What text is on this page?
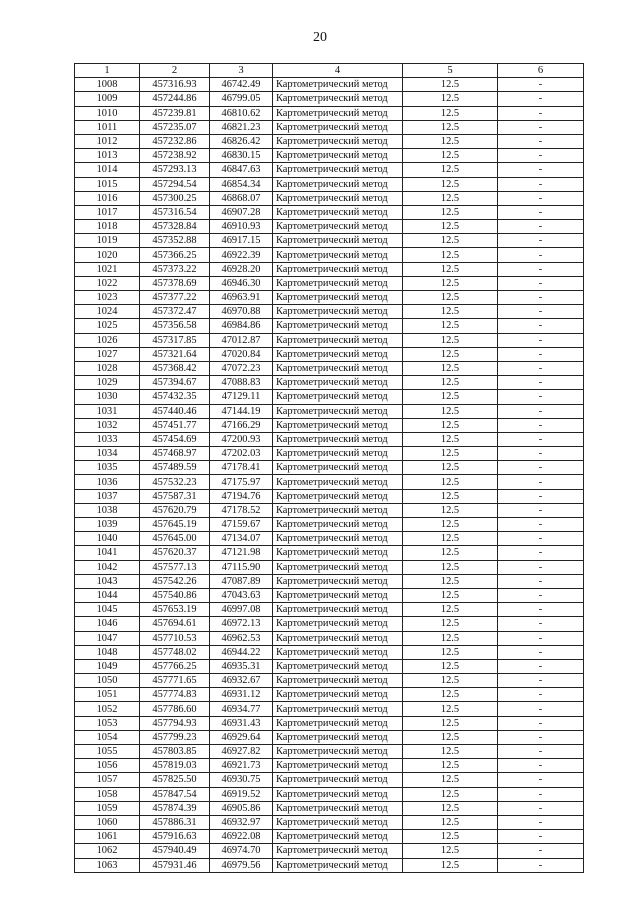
20
1	2	3	4	5	6
1008	457316.93	46742.49	Картометрический метод	12.5	-
1009	457244.86	46799.05	Картометрический метод	12.5	-
1010	457239.81	46810.62	Картометрический метод	12.5	-
1011	457235.07	46821.23	Картометрический метод	12.5	-
1012	457232.86	46826.42	Картометрический метод	12.5	-
1013	457238.92	46830.15	Картометрический метод	12.5	-
1014	457293.13	46847.63	Картометрический метод	12.5	-
1015	457294.54	46854.34	Картометрический метод	12.5	-
1016	457300.25	46868.07	Картометрический метод	12.5	-
1017	457316.54	46907.28	Картометрический метод	12.5	-
1018	457328.84	46910.93	Картометрический метод	12.5	-
1019	457352.88	46917.15	Картометрический метод	12.5	-
1020	457366.25	46922.39	Картометрический метод	12.5	-
1021	457373.22	46928.20	Картометрический метод	12.5	-
1022	457378.69	46946.30	Картометрический метод	12.5	-
1023	457377.22	46963.91	Картометрический метод	12.5	-
1024	457372.47	46970.88	Картометрический метод	12.5	-
1025	457356.58	46984.86	Картометрический метод	12.5	-
1026	457317.85	47012.87	Картометрический метод	12.5	-
1027	457321.64	47020.84	Картометрический метод	12.5	-
1028	457368.42	47072.23	Картометрический метод	12.5	-
1029	457394.67	47088.83	Картометрический метод	12.5	-
1030	457432.35	47129.11	Картометрический метод	12.5	-
1031	457440.46	47144.19	Картометрический метод	12.5	-
1032	457451.77	47166.29	Картометрический метод	12.5	-
1033	457454.69	47200.93	Картометрический метод	12.5	-
1034	457468.97	47202.03	Картометрический метод	12.5	-
1035	457489.59	47178.41	Картометрический метод	12.5	-
1036	457532.23	47175.97	Картометрический метод	12.5	-
1037	457587.31	47194.76	Картометрический метод	12.5	-
1038	457620.79	47178.52	Картометрический метод	12.5	-
1039	457645.19	47159.67	Картометрический метод	12.5	-
1040	457645.00	47134.07	Картометрический метод	12.5	-
1041	457620.37	47121.98	Картометрический метод	12.5	-
1042	457577.13	47115.90	Картометрический метод	12.5	-
1043	457542.26	47087.89	Картометрический метод	12.5	-
1044	457540.86	47043.63	Картометрический метод	12.5	-
1045	457653.19	46997.08	Картометрический метод	12.5	-
1046	457694.61	46972.13	Картометрический метод	12.5	-
1047	457710.53	46962.53	Картометрический метод	12.5	-
1048	457748.02	46944.22	Картометрический метод	12.5	-
1049	457766.25	46935.31	Картометрический метод	12.5	-
1050	457771.65	46932.67	Картометрический метод	12.5	-
1051	457774.83	46931.12	Картометрический метод	12.5	-
1052	457786.60	46934.77	Картометрический метод	12.5	-
1053	457794.93	46931.43	Картометрический метод	12.5	-
1054	457799.23	46929.64	Картометрический метод	12.5	-
1055	457803.85	46927.82	Картометрический метод	12.5	-
1056	457819.03	46921.73	Картометрический метод	12.5	-
1057	457825.50	46930.75	Картометрический метод	12.5	-
1058	457847.54	46919.52	Картометрический метод	12.5	-
1059	457874.39	46905.86	Картометрический метод	12.5	-
1060	457886.31	46932.97	Картометрический метод	12.5	-
1061	457916.63	46922.08	Картометрический метод	12.5	-
1062	457940.49	46974.70	Картометрический метод	12.5	-
1063	457931.46	46979.56	Картометрический метод	12.5	-
